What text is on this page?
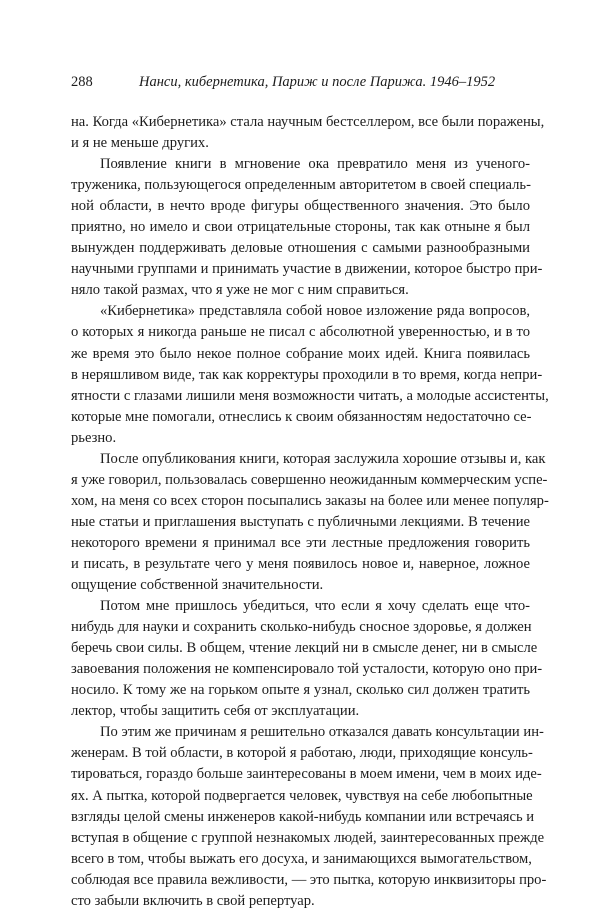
288	Нанси, кибернетика, Париж и после Парижа. 1946–1952
на. Когда «Кибернетика» стала научным бестселлером, все были поражены,
и я не меньше других.
Появление книги в мгновение ока превратило меня из ученого-
труженика, пользующегося определенным авторитетом в своей специаль-
ной области, в нечто вроде фигуры общественного значения. Это было
приятно, но имело и свои отрицательные стороны, так как отныне я был
вынужден поддерживать деловые отношения с самыми разнообразными
научными группами и принимать участие в движении, которое быстро при-
няло такой размах, что я уже не мог с ним справиться.
«Кибернетика» представляла собой новое изложение ряда вопросов,
о которых я никогда раньше не писал с абсолютной уверенностью, и в то
же время это было некое полное собрание моих идей. Книга появилась
в неряшливом виде, так как корректуры проходили в то время, когда непри-
ятности с глазами лишили меня возможности читать, а молодые ассистенты,
которые мне помогали, отнеслись к своим обязанностям недостаточно се-
рьезно.
После опубликования книги, которая заслужила хорошие отзывы и, как
я уже говорил, пользовалась совершенно неожиданным коммерческим успе-
хом, на меня со всех сторон посыпались заказы на более или менее популяр-
ные статьи и приглашения выступать с публичными лекциями. В течение
некоторого времени я принимал все эти лестные предложения говорить
и писать, в результате чего у меня появилось новое и, наверное, ложное
ощущение собственной значительности.
Потом мне пришлось убедиться, что если я хочу сделать еще что-
нибудь для науки и сохранить сколько-нибудь сносное здоровье, я должен
беречь свои силы. В общем, чтение лекций ни в смысле денег, ни в смысле
завоевания положения не компенсировало той усталости, которую оно при-
носило. К тому же на горьком опыте я узнал, сколько сил должен тратить
лектор, чтобы защитить себя от эксплуатации.
По этим же причинам я решительно отказался давать консультации ин-
женерам. В той области, в которой я работаю, люди, приходящие консуль-
тироваться, гораздо больше заинтересованы в моем имени, чем в моих иде-
ях. А пытка, которой подвергается человек, чувствуя на себе любопытные
взгляды целой смены инженеров какой-нибудь компании или встречаясь и
вступая в общение с группой незнакомых людей, заинтересованных прежде
всего в том, чтобы выжать его досуха, и занимающихся вымогательством,
соблюдая все правила вежливости, — это пытка, которую инквизиторы про-
сто забыли включить в свой репертуар.
